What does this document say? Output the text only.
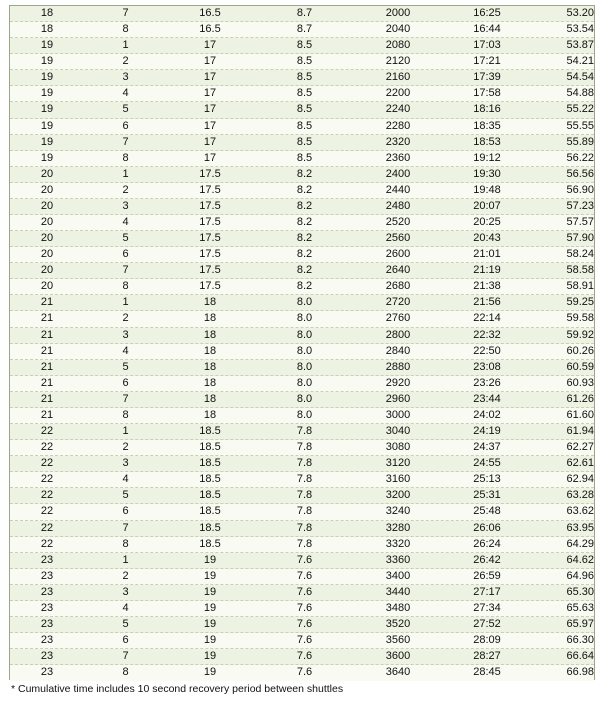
18	7	16.5	8.7	2000	16:25	53.20
18	8	16.5	8.7	2040	16:44	53.54
19	1	17	8.5	2080	17:03	53.87
19	2	17	8.5	2120	17:21	54.21
19	3	17	8.5	2160	17:39	54.54
19	4	17	8.5	2200	17:58	54.88
19	5	17	8.5	2240	18:16	55.22
19	6	17	8.5	2280	18:35	55.55
19	7	17	8.5	2320	18:53	55.89
19	8	17	8.5	2360	19:12	56.22
20	1	17.5	8.2	2400	19:30	56.56
20	2	17.5	8.2	2440	19:48	56.90
20	3	17.5	8.2	2480	20:07	57.23
20	4	17.5	8.2	2520	20:25	57.57
20	5	17.5	8.2	2560	20:43	57.90
20	6	17.5	8.2	2600	21:01	58.24
20	7	17.5	8.2	2640	21:19	58.58
20	8	17.5	8.2	2680	21:38	58.91
21	1	18	8.0	2720	21:56	59.25
21	2	18	8.0	2760	22:14	59.58
21	3	18	8.0	2800	22:32	59.92
21	4	18	8.0	2840	22:50	60.26
21	5	18	8.0	2880	23:08	60.59
21	6	18	8.0	2920	23:26	60.93
21	7	18	8.0	2960	23:44	61.26
21	8	18	8.0	3000	24:02	61.60
22	1	18.5	7.8	3040	24:19	61.94
22	2	18.5	7.8	3080	24:37	62.27
22	3	18.5	7.8	3120	24:55	62.61
22	4	18.5	7.8	3160	25:13	62.94
22	5	18.5	7.8	3200	25:31	63.28
22	6	18.5	7.8	3240	25:48	63.62
22	7	18.5	7.8	3280	26:06	63.95
22	8	18.5	7.8	3320	26:24	64.29
23	1	19	7.6	3360	26:42	64.62
23	2	19	7.6	3400	26:59	64.96
23	3	19	7.6	3440	27:17	65.30
23	4	19	7.6	3480	27:34	65.63
23	5	19	7.6	3520	27:52	65.97
23	6	19	7.6	3560	28:09	66.30
23	7	19	7.6	3600	28:27	66.64
23	8	19	7.6	3640	28:45	66.98
* Cumulative time includes 10 second recovery period between shuttles
